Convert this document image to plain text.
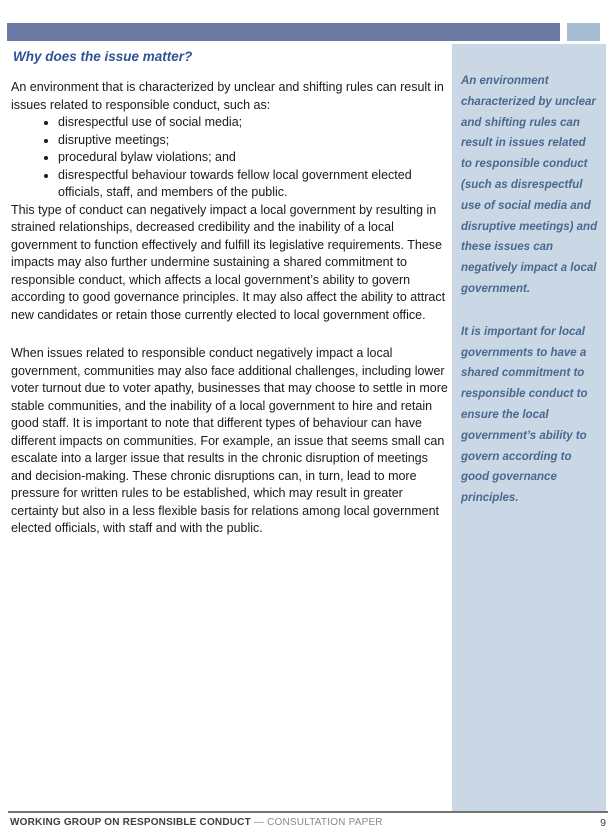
Why does the issue matter?

An environment that is characterized by unclear and shifting rules can result in issues related to responsible conduct, such as:

• disrespectful use of social media;
• disruptive meetings;
• procedural bylaw violations; and
• disrespectful behaviour towards fellow local government elected officials, staff, and members of the public.

This type of conduct can negatively impact a local government by resulting in strained relationships, decreased credibility and the inability of a local government to function effectively and fulfill its legislative requirements. These impacts may also further undermine sustaining a shared commitment to responsible conduct, which affects a local government’s ability to govern according to good governance principles. It may also affect the ability to attract new candidates or retain those currently elected to local government office.

When issues related to responsible conduct negatively impact a local government, communities may also face additional challenges, including lower voter turnout due to voter apathy, businesses that may choose to settle in more stable communities, and the inability of a local government to hire and retain good staff. It is important to note that different types of behaviour can have different impacts on communities. For example, an issue that seems small can escalate into a larger issue that results in the chronic disruption of meetings and decision-making. These chronic disruptions can, in turn, lead to more pressure for written rules to be established, which may result in greater certainty but also in a less flexible basis for relations among local government elected officials, with staff and with the public.

An environment characterized by unclear and shifting rules can result in issues related to responsible conduct (such as disrespectful use of social media and disruptive meetings) and these issues can negatively impact a local government.

It is important for local governments to have a shared commitment to responsible conduct to ensure the local government’s ability to govern according to good governance principles.

WORKING GROUP ON RESPONSIBLE CONDUCT — CONSULTATION PAPER	9
